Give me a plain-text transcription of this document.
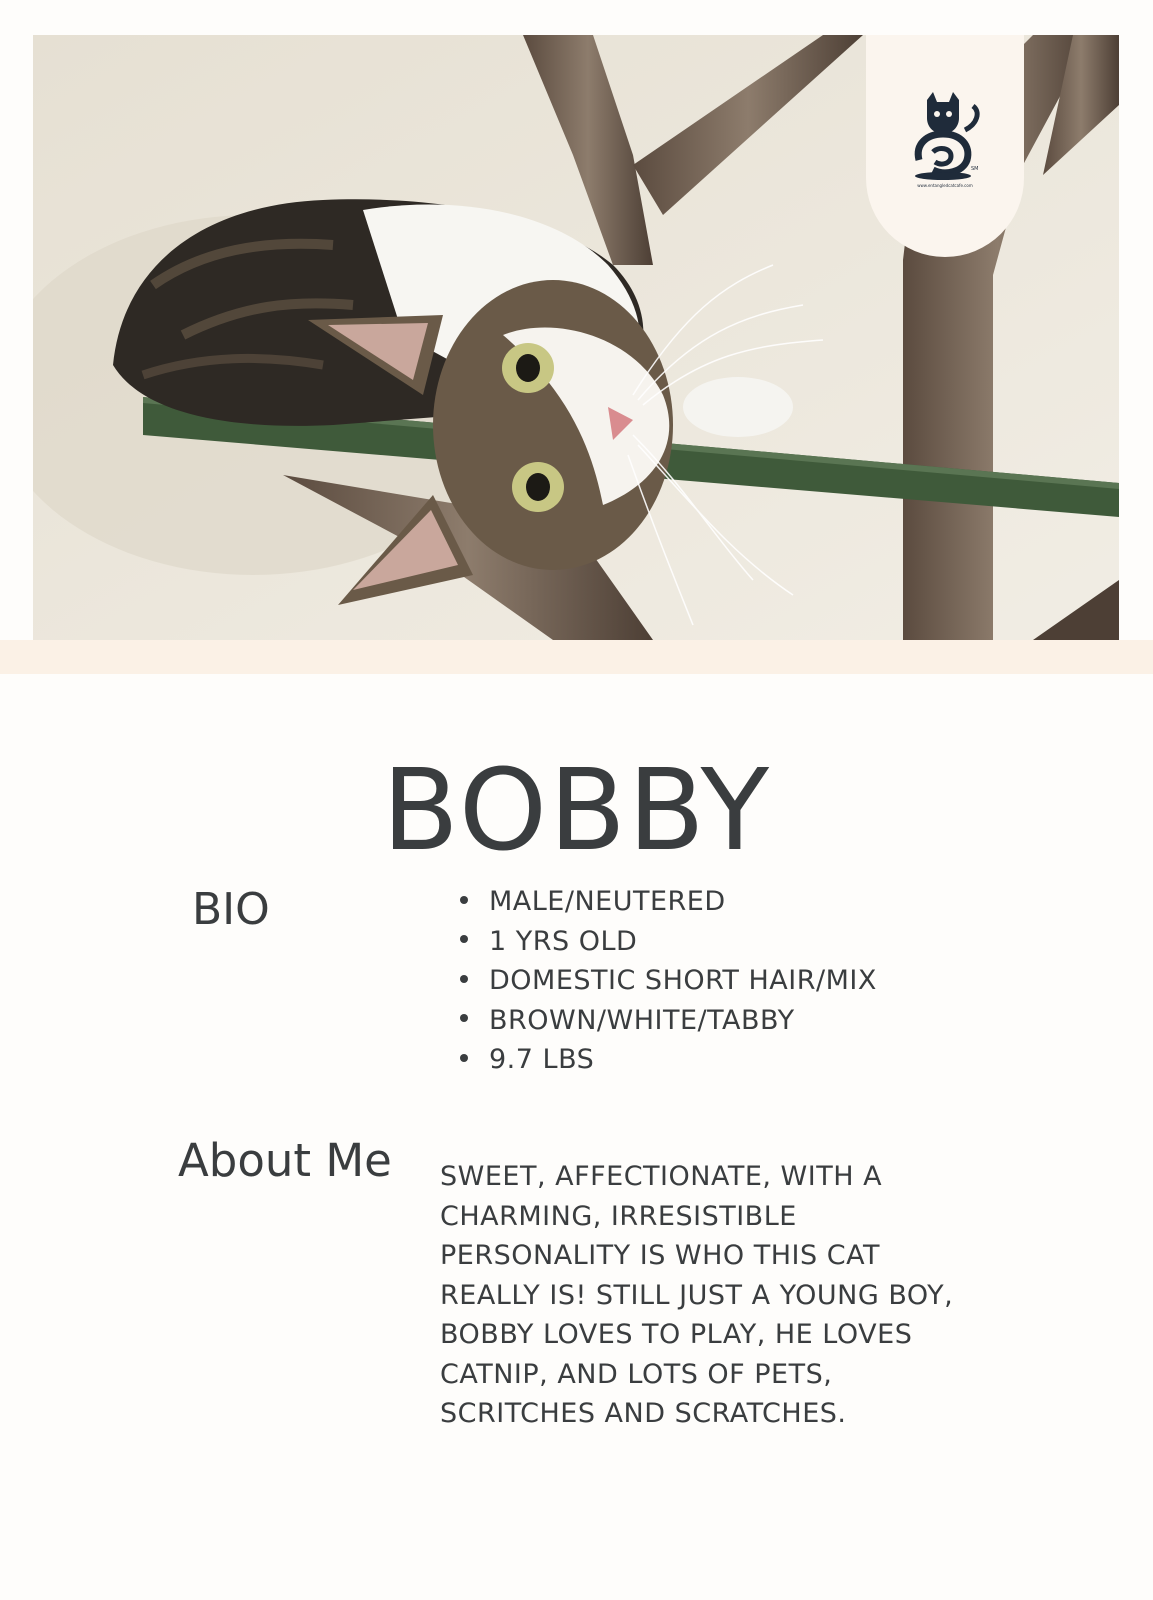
www.entangledcatcafe.com
SM
BOBBY
BIO	MALE/NEUTERED
1 YRS OLD
DOMESTIC SHORT HAIR/MIX
BROWN/WHITE/TABBY
9.7 LBS
About Me SWEET, AFFECTIONATE, WITH A CHARMING, IRRESISTIBLE PERSONALITY IS WHO THIS CAT REALLY IS! STILL JUST A YOUNG BOY, BOBBY LOVES TO PLAY, HE LOVES CATNIP, AND LOTS OF PETS, SCRITCHES AND SCRATCHES.
